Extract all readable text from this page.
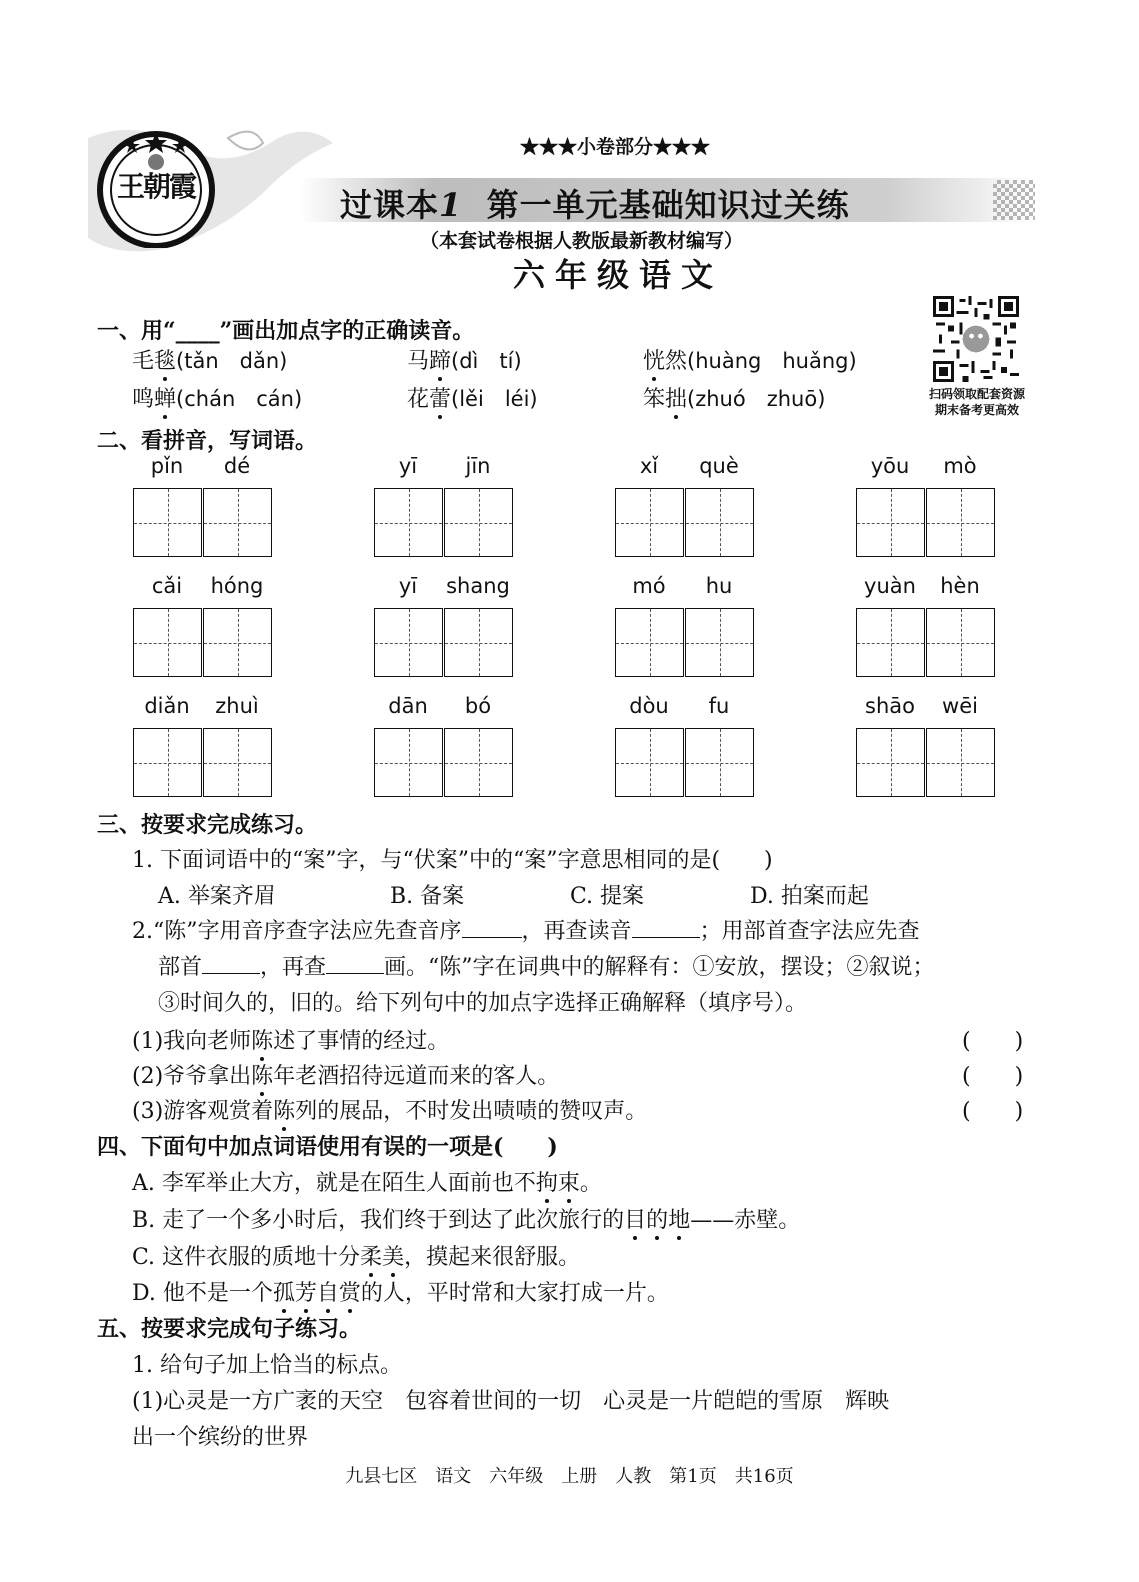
王朝霞
★★★小卷部分★★★
过课本1 第一单元基础知识过关练
（本套试卷根据人教版最新教材编写）
六年级语文
扫码领取配套资源
期末备考更高效
一、用“____”画出加点字的正确读音。
毛毯(tǎn　dǎn)	马蹄(dì　tí)	恍然(huàng　huǎng)
鸣蝉(chán　cán)	花蕾(lěi　léi)	笨拙(zhuó　zhuō)
二、看拼音，写词语。
pǐn dé	yī jīn	xǐ què	yōu mò
cǎi hóng	yī shang	mó hu	yuàn hèn
diǎn zhuì	dān bó	dòu fu	shāo wēi
三、按要求完成练习。
1. 下面词语中的“案”字，与“伏案”中的“案”字意思相同的是(　　)
A. 举案齐眉	B. 备案	C. 提案	D. 拍案而起
2.“陈”字用音序查字法应先查音序	，再查读音	；用部首查字法应先查
部首	，再查	画。“陈”字在词典中的解释有：①安放，摆设；②叙说；
③时间久的，旧的。给下列句中的加点字选择正确解释（填序号）。
(1)我向老师陈述了事情的经过。	(　　)
(2)爷爷拿出陈年老酒招待远道而来的客人。	(　　)
(3)游客观赏着陈列的展品，不时发出啧啧的赞叹声。	(　　)
四、下面句中加点词语使用有误的一项是(　　)
A. 李军举止大方，就是在陌生人面前也不拘束。
B. 走了一个多小时后，我们终于到达了此次旅行的目的地——赤壁。
C. 这件衣服的质地十分柔美，摸起来很舒服。
D. 他不是一个孤芳自赏的人，平时常和大家打成一片。
五、按要求完成句子练习。
1. 给句子加上恰当的标点。
(1)心灵是一方广袤的天空　包容着世间的一切　心灵是一片皑皑的雪原　辉映
出一个缤纷的世界
九县七区　语文　六年级　上册　人教　第1页　共16页
